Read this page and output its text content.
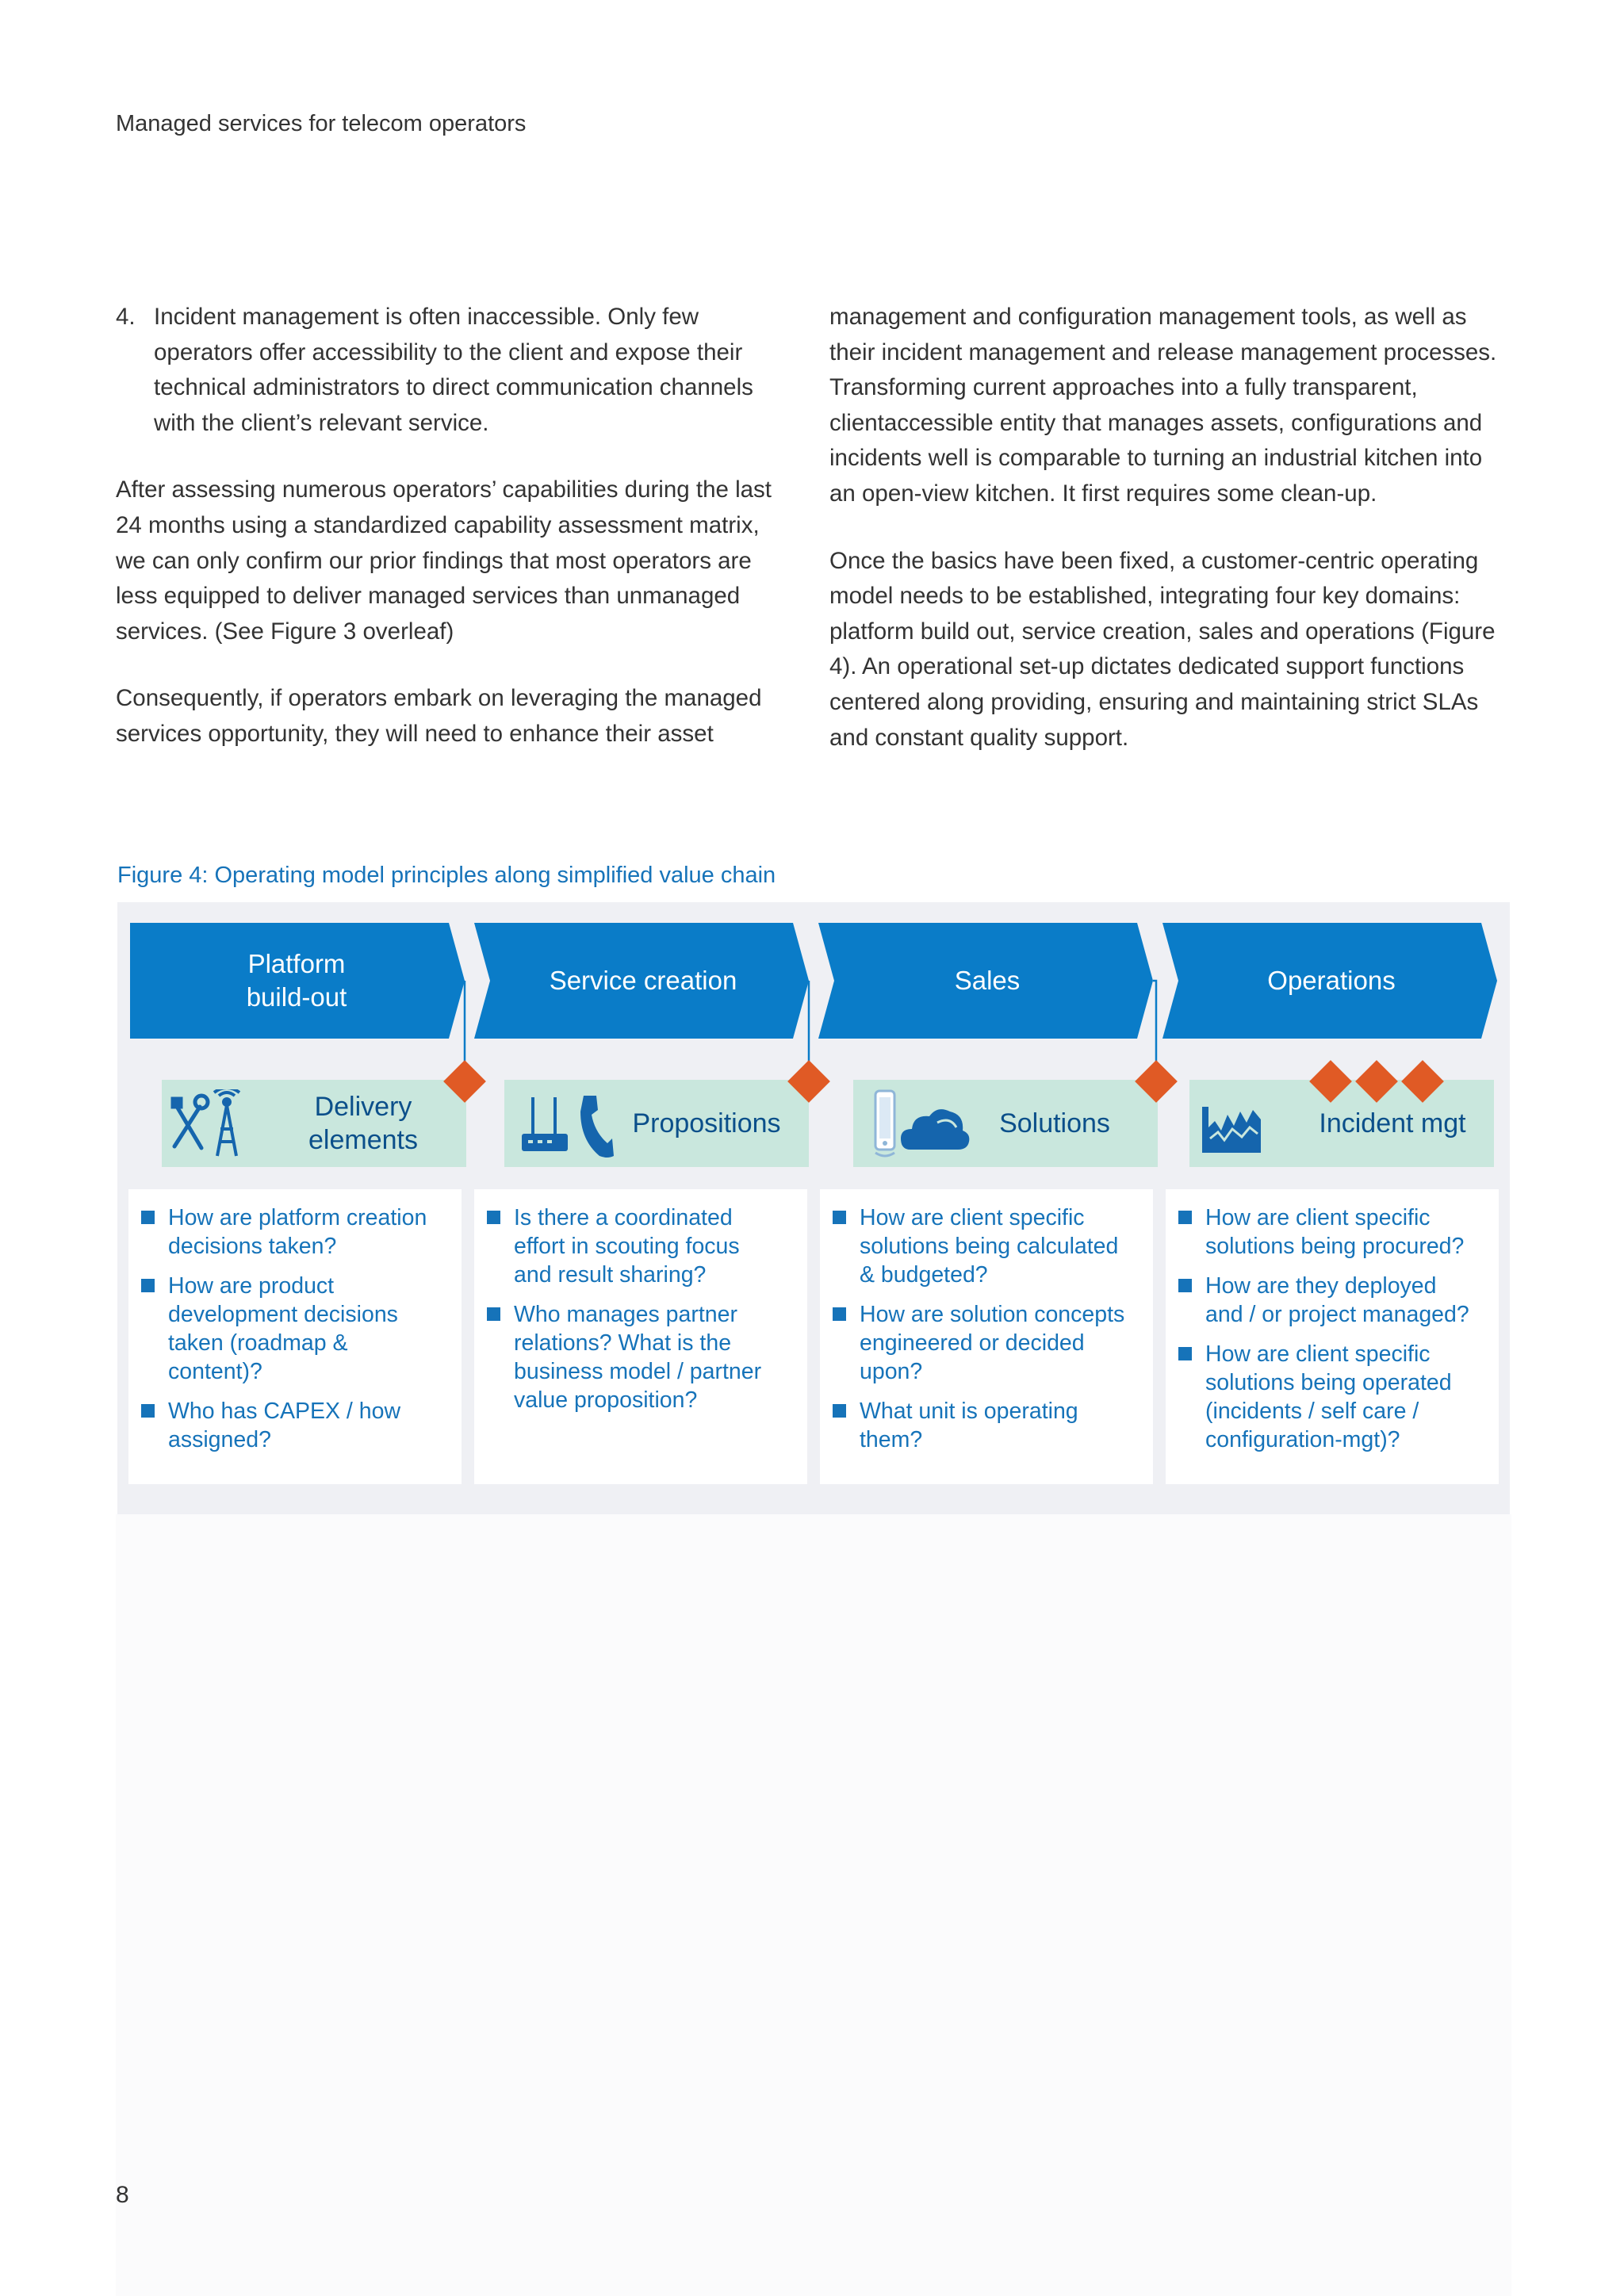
Managed services for telecom operators
4. Incident management is often inaccessible. Only few operators offer accessibility to the client and expose their technical administrators to direct communication channels with the client’s relevant service.

After assessing numerous operators’ capabilities during the last 24 months using a standardized capability assessment matrix, we can only confirm our prior findings that most operators are less equipped to deliver managed services than unmanaged services. (See Figure 3 overleaf)

Consequently, if operators embark on leveraging the managed services opportunity, they will need to enhance their asset

management and configuration management tools, as well as their incident management and release management processes. Transforming current approaches into a fully transparent, clientaccessible entity that manages assets, configurations and incidents well is comparable to turning an industrial kitchen into an open-view kitchen. It first requires some clean-up.

Once the basics have been fixed, a customer-centric operating model needs to be established, integrating four key domains: platform build out, service creation, sales and operations (Figure 4). An operational set-up dictates dedicated support functions centered along providing, ensuring and maintaining strict SLAs and constant quality support.

Figure 4: Operating model principles along simplified value chain
Platform
build-out
Service creation	Sales	Operations
Delivery
elements
Propositions	Solutions	Incident mgt
How are platform creation decisions taken?
How are product development decisions taken (roadmap & content)?
Who has CAPEX / how assigned?
Is there a coordinated effort in scouting focus and result sharing?
Who manages partner relations? What is the business model / partner value proposition?
How are client specific solutions being calculated & budgeted?
How are solution concepts engineered or decided upon?
What unit is operating them?
How are client specific solutions being procured?
How are they deployed and / or project managed?
How are client specific solutions being operated (incidents / self care / configuration-mgt)?
8
